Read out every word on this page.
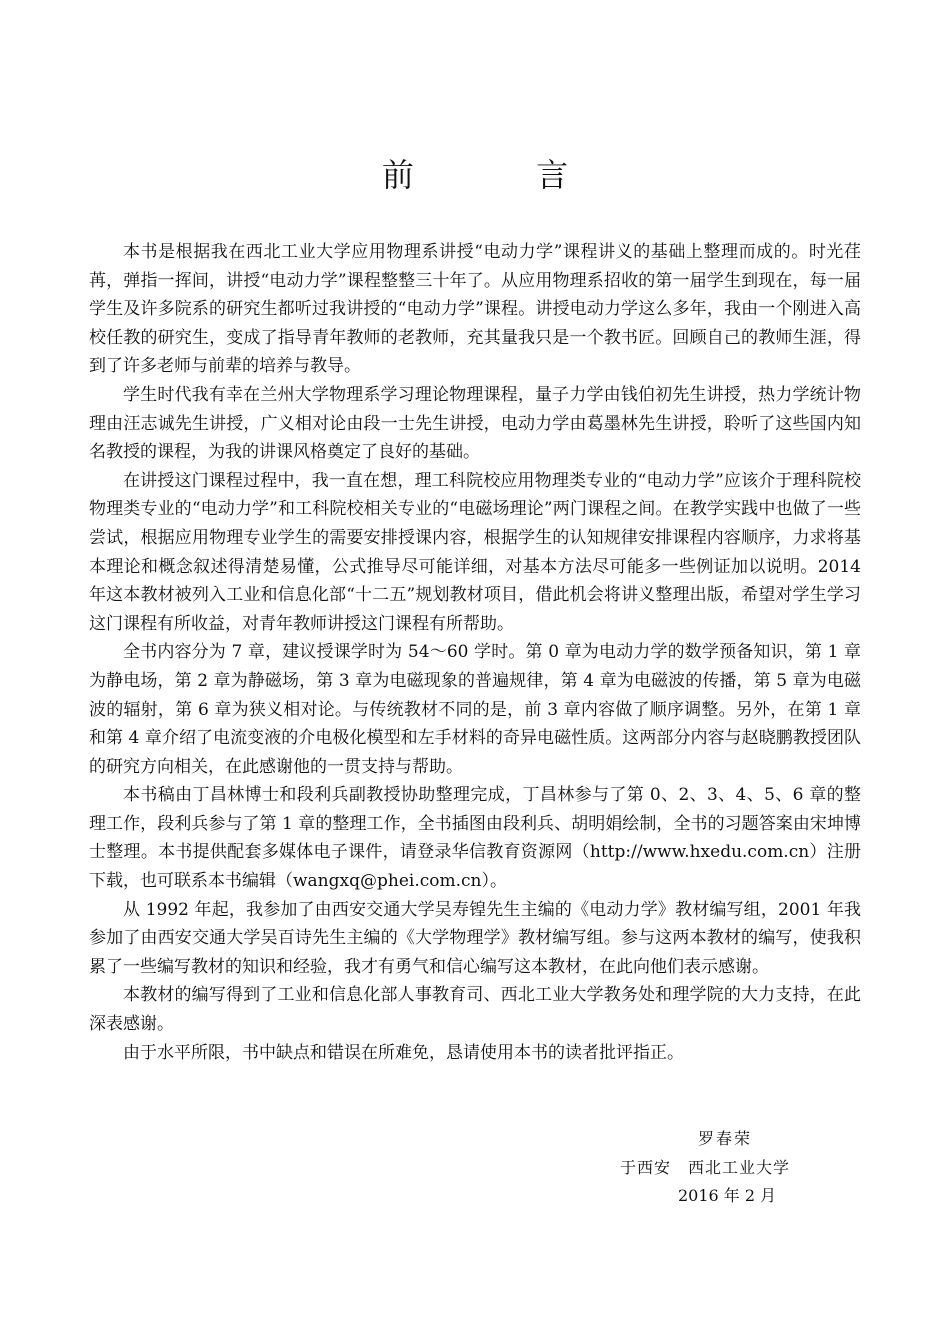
前 言

本书是根据我在西北工业大学应用物理系讲授“电动力学”课程讲义的基础上整理而成的。时光荏苒，弹指一挥间，讲授“电动力学”课程整整三十年了。从应用物理系招收的第一届学生到现在，每一届学生及许多院系的研究生都听过我讲授的“电动力学”课程。讲授电动力学这么多年，我由一个刚进入高校任教的研究生，变成了指导青年教师的老教师，充其量我只是一个教书匠。回顾自己的教师生涯，得到了许多老师与前辈的培养与教导。

学生时代我有幸在兰州大学物理系学习理论物理课程，量子力学由钱伯初先生讲授，热力学统计物理由汪志诚先生讲授，广义相对论由段一士先生讲授，电动力学由葛墨林先生讲授，聆听了这些国内知名教授的课程，为我的讲课风格奠定了良好的基础。

在讲授这门课程过程中，我一直在想，理工科院校应用物理类专业的“电动力学”应该介于理科院校物理类专业的“电动力学”和工科院校相关专业的“电磁场理论”两门课程之间。在教学实践中也做了一些尝试，根据应用物理专业学生的需要安排授课内容，根据学生的认知规律安排课程内容顺序，力求将基本理论和概念叙述得清楚易懂，公式推导尽可能详细，对基本方法尽可能多一些例证加以说明。2014 年这本教材被列入工业和信息化部“十二五”规划教材项目，借此机会将讲义整理出版，希望对学生学习这门课程有所收益，对青年教师讲授这门课程有所帮助。

全书内容分为 7 章，建议授课学时为 54～60 学时。第 0 章为电动力学的数学预备知识，第 1 章为静电场，第 2 章为静磁场，第 3 章为电磁现象的普遍规律，第 4 章为电磁波的传播，第 5 章为电磁波的辐射，第 6 章为狭义相对论。与传统教材不同的是，前 3 章内容做了顺序调整。另外，在第 1 章和第 4 章介绍了电流变液的介电极化模型和左手材料的奇异电磁性质。这两部分内容与赵晓鹏教授团队的研究方向相关，在此感谢他的一贯支持与帮助。

本书稿由丁昌林博士和段利兵副教授协助整理完成，丁昌林参与了第 0、2、3、4、5、6 章的整理工作，段利兵参与了第 1 章的整理工作，全书插图由段利兵、胡明娟绘制，全书的习题答案由宋坤博士整理。本书提供配套多媒体电子课件，请登录华信教育资源网（http://www.hxedu.com.cn）注册下载，也可联系本书编辑（wangxq@phei.com.cn）。

从 1992 年起，我参加了由西安交通大学吴寿锽先生主编的《电动力学》教材编写组，2001 年我参加了由西安交通大学吴百诗先生主编的《大学物理学》教材编写组。参与这两本教材的编写，使我积累了一些编写教材的知识和经验，我才有勇气和信心编写这本教材，在此向他们表示感谢。

本教材的编写得到了工业和信息化部人事教育司、西北工业大学教务处和理学院的大力支持，在此深表感谢。

由于水平所限，书中缺点和错误在所难免，恳请使用本书的读者批评指正。

罗春荣
于西安　西北工业大学
2016 年 2 月
